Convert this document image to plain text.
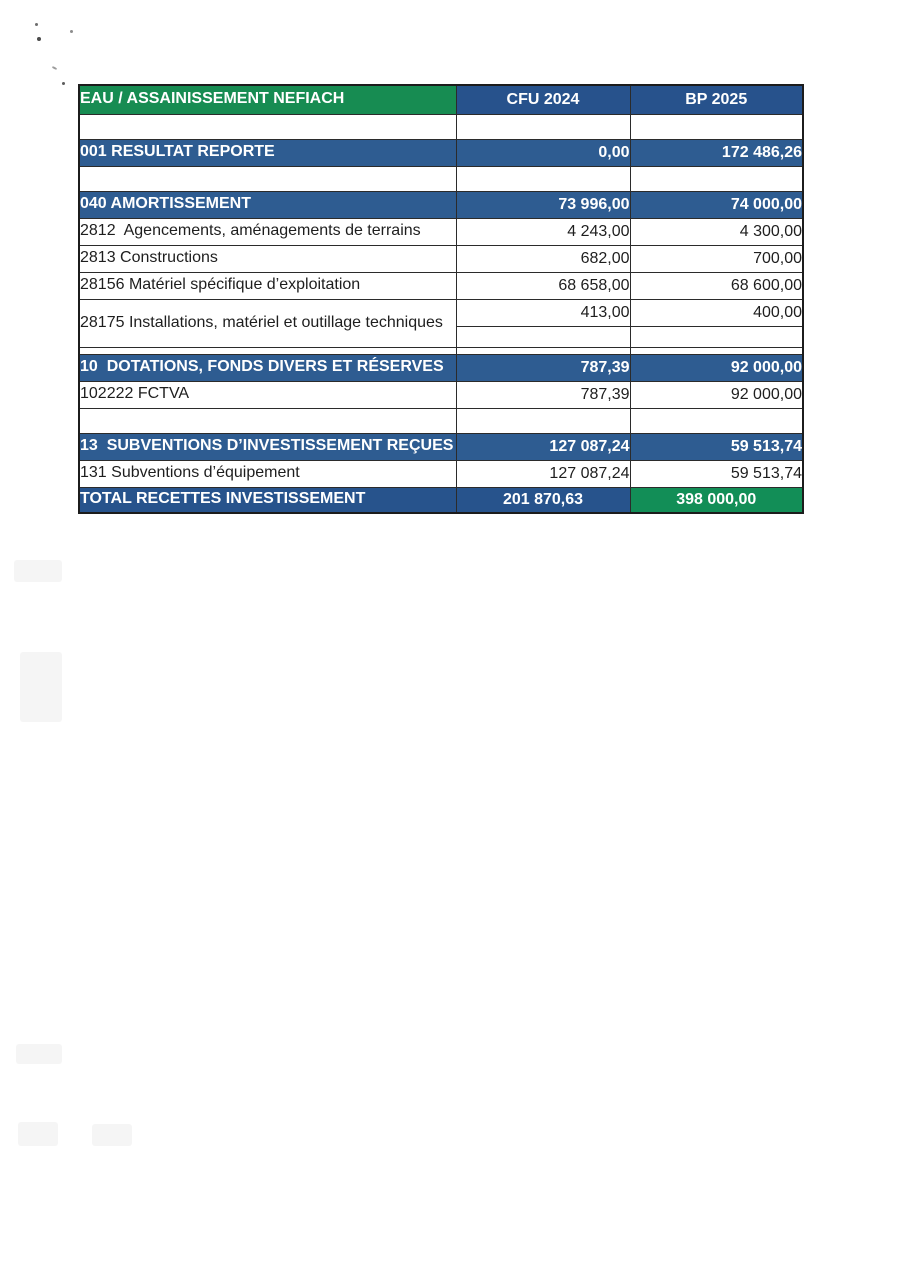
EAU / ASSAINISSEMENT NEFIACH	CFU 2024	BP 2025

001 RESULTAT REPORTE	0,00	172 486,26

040 AMORTISSEMENT	73 996,00	74 000,00
2812  Agencements, aménagements de terrains	4 243,00	4 300,00
2813 Constructions	682,00	700,00
28156 Matériel spécifique d’exploitation	68 658,00	68 600,00
28175 Installations, matériel et outillage techniques	413,00	400,00

10  DOTATIONS, FONDS DIVERS ET RÉSERVES	787,39	92 000,00
102222 FCTVA	787,39	92 000,00

13  SUBVENTIONS D’INVESTISSEMENT REÇUES	127 087,24	59 513,74
131 Subventions d’équipement	127 087,24	59 513,74
TOTAL RECETTES INVESTISSEMENT	201 870,63	398 000,00
